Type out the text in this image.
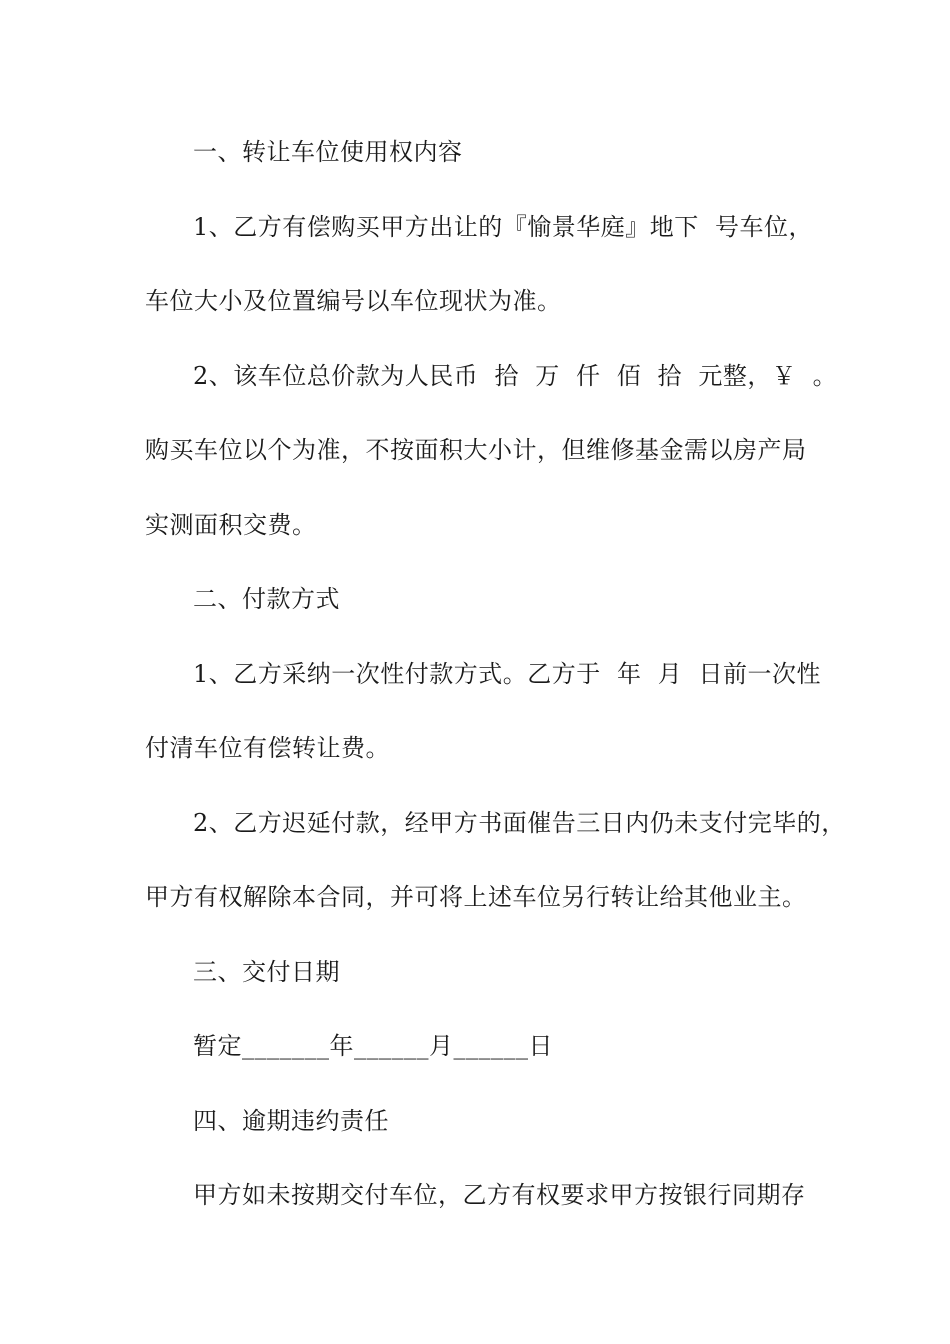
一、转让车位使用权内容
1、乙方有偿购买甲方出让的『愉景华庭』地下  号车位，
车位大小及位置编号以车位现状为准。
2、该车位总价款为人民币  拾  万  仟  佰  拾  元整，￥  。
购买车位以个为准，不按面积大小计，但维修基金需以房产局
实测面积交费。
二、付款方式
1、乙方采纳一次性付款方式。乙方于  年  月  日前一次性
付清车位有偿转让费。
2、乙方迟延付款，经甲方书面催告三日内仍未支付完毕的，
甲方有权解除本合同，并可将上述车位另行转让给其他业主。
三、交付日期
暂定_______年______月______日
四、逾期违约责任
甲方如未按期交付车位，乙方有权要求甲方按银行同期存
